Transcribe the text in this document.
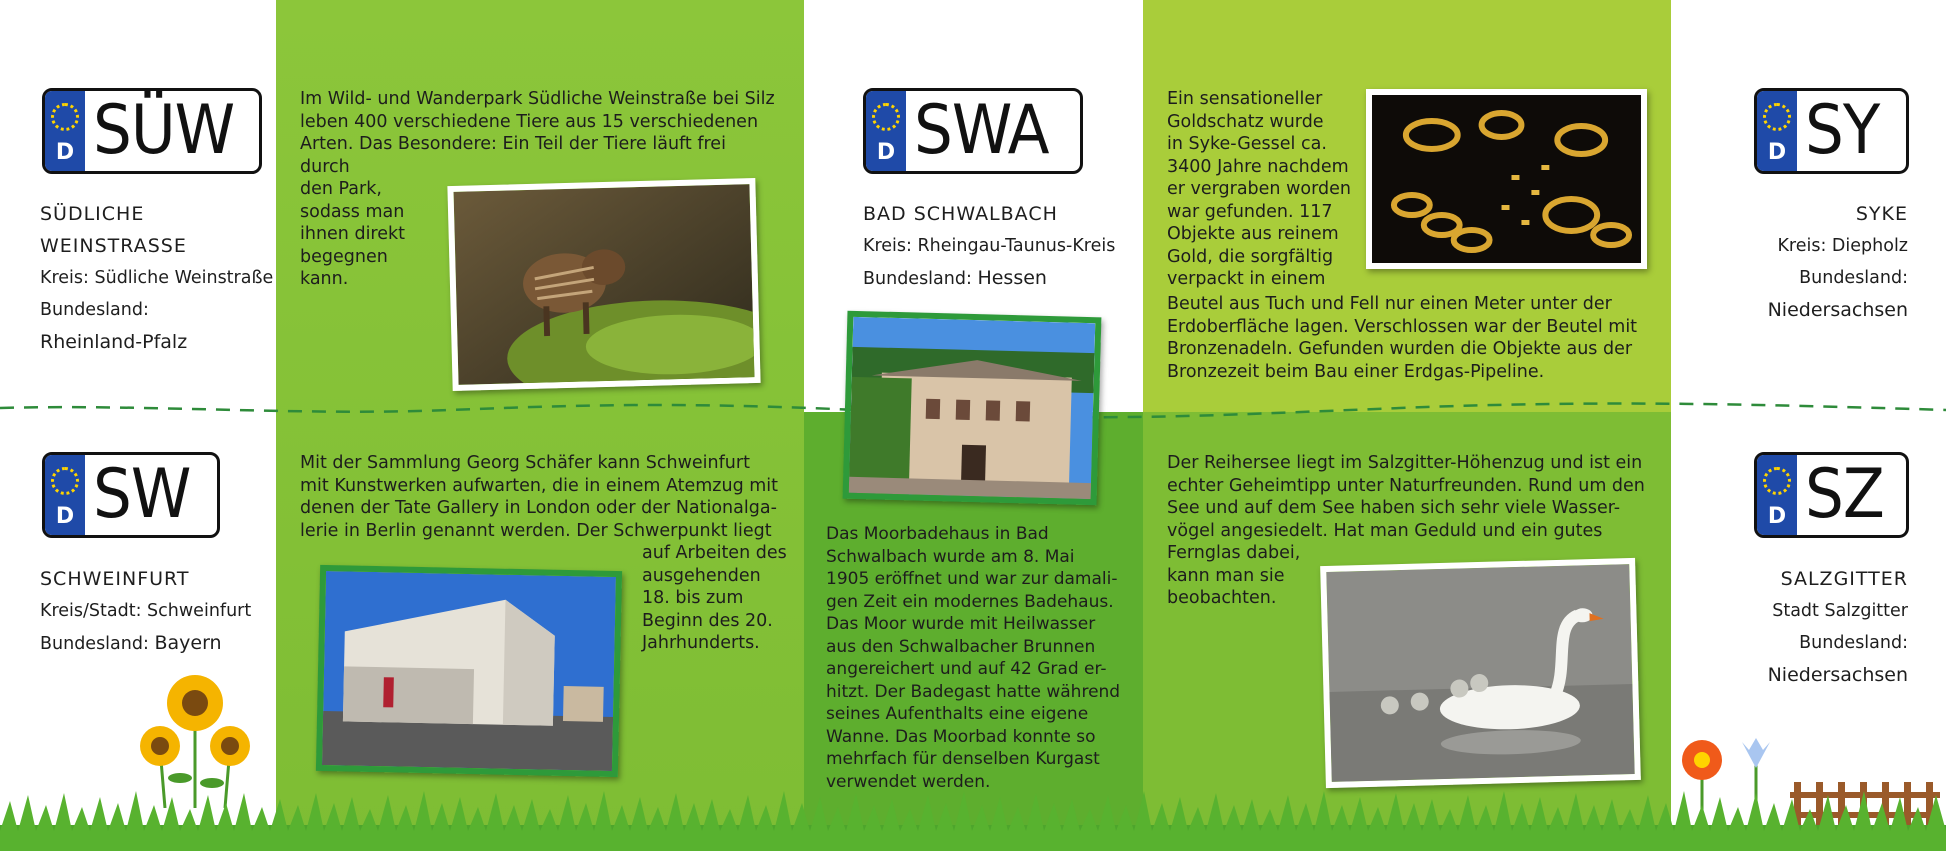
D SÜW
SÜDLICHE
WEINSTRASSE
Kreis: Südliche Weinstraße
Bundesland:
Rheinland-Pfalz
Im Wild- und Wanderpark Südliche Weinstraße bei Silz
leben 400 verschiedene Tiere aus 15 verschiedenen
Arten. Das Besondere: Ein Teil der Tiere läuft frei durch
den Park,
sodass man
ihnen direkt
begegnen
kann.
D SW
SCHWEINFURT
Kreis/Stadt: Schweinfurt
Bundesland: Bayern
Mit der Sammlung Georg Schäfer kann Schweinfurt
mit Kunstwerken aufwarten, die in einem Atemzug mit
denen der Tate Gallery in London oder der Nationalga-
lerie in Berlin genannt werden. Der Schwerpunkt liegt
auf Arbeiten des
ausgehenden
18. bis zum
Beginn des 20.
Jahrhunderts.
D SWA
BAD SCHWALBACH
Kreis: Rheingau-Taunus-Kreis
Bundesland: Hessen
Das Moorbadehaus in Bad
Schwalbach wurde am 8. Mai
1905 eröffnet und war zur damali-
gen Zeit ein modernes Badehaus.
Das Moor wurde mit Heilwasser
aus den Schwalbacher Brunnen
angereichert und auf 42 Grad er-
hitzt. Der Badegast hatte während
seines Aufenthalts eine eigene
Wanne. Das Moorbad konnte so
mehrfach für denselben Kurgast
verwendet werden.
Ein sensationeller
Goldschatz wurde
in Syke-Gessel ca.
3400 Jahre nachdem
er vergraben worden
war gefunden. 117
Objekte aus reinem
Gold, die sorgfältig
verpackt in einem
Beutel aus Tuch und Fell nur einen Meter unter der
Erdoberfläche lagen. Verschlossen war der Beutel mit
Bronzenadeln. Gefunden wurden die Objekte aus der
Bronzezeit beim Bau einer Erdgas-Pipeline.
Der Reihersee liegt im Salzgitter-Höhenzug und ist ein
echter Geheimtipp unter Naturfreunden. Rund um den
See und auf dem See haben sich sehr viele Wasser-
vögel angesiedelt. Hat man Geduld und ein gutes
Fernglas dabei,
kann man sie
beobachten.
D SY
SYKE
Kreis: Diepholz
Bundesland:
Niedersachsen
D SZ
SALZGITTER
Stadt Salzgitter
Bundesland:
Niedersachsen
